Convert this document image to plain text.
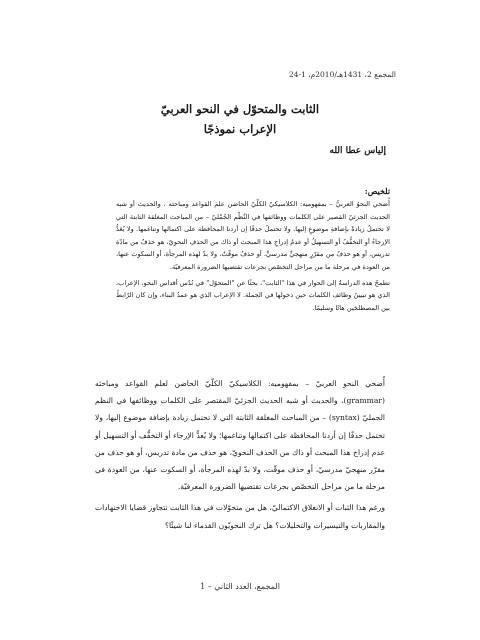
المجمع 2، 1431هـ/2010م، 1-24
الثابت والمتحوّل في النحو العربيّ
الإعراب نموذجًا
إلياس عطا الله
تلخيص:

أُضحي النحوُ العربيُّ – بمفهوميه: الكلاسيكيّ الكلّيّ الحاضن علمَ القواعد ومباحثه ، والحديث أو شبه الحديث الجزئيّ القصير على الكلمات ووظائفها في النَّظْم الجُمْليّ – من المباحث المغلقة الثابتة التي لا تحتملُ زيادةً بإضافةِ موضوعٍ إليها، ولا تحتملُ حذفًا إن أردنا المحافظة على اكتمالها وتناغمها. ولا يُعَدُّ الإرجاءُ أو التخفُّفُ أو التسهيلُ أو عدمُ إدراجِ هذا المبحث أو ذاك من الحذفِ النحويّ، هو حذفٌ من مادّة تدريس، أو هو حذفٌ من مقرّرٍ منهجيٍّ مدرسيٍّ، أو حذفٌ موقّتٌ، ولا بدّ لهذه المرجأة، أو السكوت عنها، من العودة في مرحلة ما من مراحل التخصّص بجرعات تقتضيها الضرورة المعرفيّة.

تطمحُ هذه الدراسةُ إلى الحوار في هذا "الثابت"، بحثًا عن "المتحوّل" في نُدّس أقداس النحو، الإعراب، الذي هو تبيينُ وظائف الكلمات حين دخولها في الجملة. لا الإعراب الذي هو عمدُ البناء، وإن كان الرّابطُ بين المصطلحَين هاتًا وسليمًا.

أُضحي النحو العربيّ – بمفهوميه: الكلاسيكيّ الكلّيّ الحاضن لعلم القواعد ومباحثه (grammar)، والحديث أو شبه الحديث الجزئيّ المقتصر على الكلمات ووظائفها في النظم الجمليّ (syntax) – من المباحث المغلقة الثابتة التي لا تحتمل زيادة بإضافة موضوع إليها، ولا تحتمل حذفًا إن أردنا المحافظة على اكتمالها وتناغمها؛ ولا يُعدُّ الإرجاء أو التخفُّف أو التسهيل أو عدم إدراج هذا المبحث أو ذاك من الحذف النحويّ، هو حذف من مادة تدريس، أو هو حذف من مقرّر منهجيّ مدرسيّ، أو حذف موقّت، ولا بدّ لهذه المرجأة، أو السكوت عنها، من العودة في مرحلة ما من مراحل التخصّص بجرعات تقتضيها الضرورة المعرفيّة.

ورغم هذا الثبات أو الانغلاق الاكتماليّ، هل من متحوّلات في هذا الثابت تتجاوز قضايا الاجتهادات والمقاربات والتيسيرات والتحليلات؟ هل ترك النحويّون القدماء لنا شيئًا؟

المجمع، العدد الثاني – 1
